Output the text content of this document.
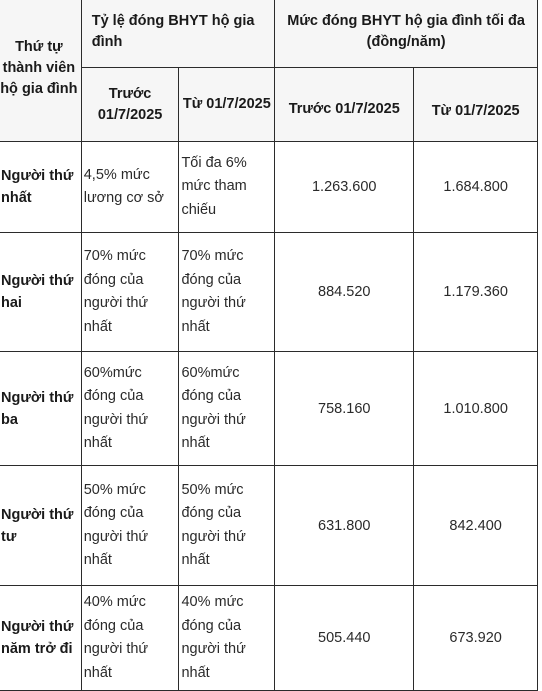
Thứ tự thành viên hộ gia đình	Tỷ lệ đóng BHYT hộ gia đình		Mức đóng BHYT hộ gia đình tối đa (đồng/năm)	
	Trước 01/7/2025	Từ 01/7/2025	Trước 01/7/2025	Từ 01/7/2025
Người thứ nhất	4,5% mức lương cơ sở	Tối đa 6% mức tham chiếu	1.263.600	1.684.800
Người thứ hai	70% mức đóng của người thứ nhất	70% mức đóng của người thứ nhất	884.520	1.179.360
Người thứ ba	60%mức đóng của người thứ nhất	60%mức đóng của người thứ nhất	758.160	1.010.800
Người thứ tư	50% mức đóng của người thứ nhất	50% mức đóng của người thứ nhất	631.800	842.400
Người thứ năm trở đi	40% mức đóng của người thứ nhất	40% mức đóng của người thứ nhất	505.440	673.920
